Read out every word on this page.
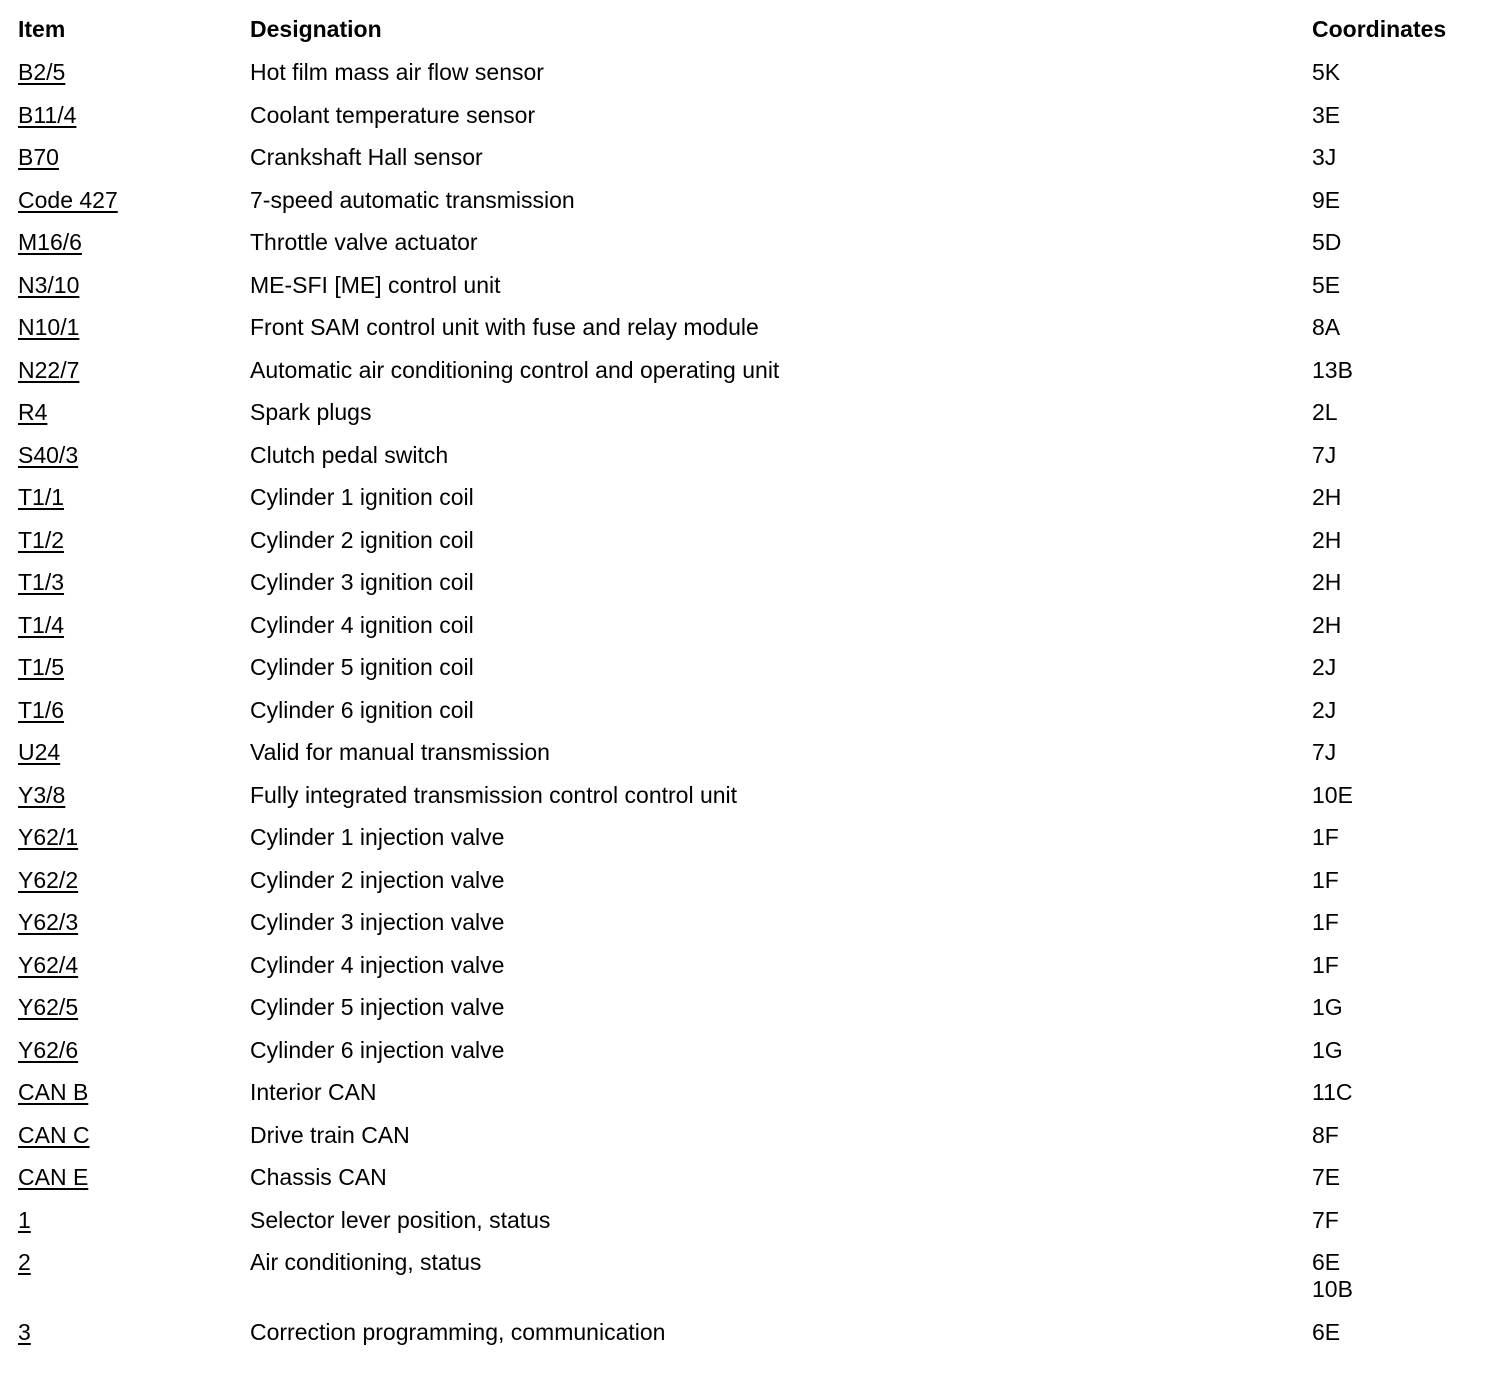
Item	Designation	Coordinates
B2/5	Hot film mass air flow sensor	5K
B11/4	Coolant temperature sensor	3E
B70	Crankshaft Hall sensor	3J
Code 427	7-speed automatic transmission	9E
M16/6	Throttle valve actuator	5D
N3/10	ME-SFI [ME] control unit	5E
N10/1	Front SAM control unit with fuse and relay module	8A
N22/7	Automatic air conditioning control and operating unit	13B
R4	Spark plugs	2L
S40/3	Clutch pedal switch	7J
T1/1	Cylinder 1 ignition coil	2H
T1/2	Cylinder 2 ignition coil	2H
T1/3	Cylinder 3 ignition coil	2H
T1/4	Cylinder 4 ignition coil	2H
T1/5	Cylinder 5 ignition coil	2J
T1/6	Cylinder 6 ignition coil	2J
U24	Valid for manual transmission	7J
Y3/8	Fully integrated transmission control control unit	10E
Y62/1	Cylinder 1 injection valve	1F
Y62/2	Cylinder 2 injection valve	1F
Y62/3	Cylinder 3 injection valve	1F
Y62/4	Cylinder 4 injection valve	1F
Y62/5	Cylinder 5 injection valve	1G
Y62/6	Cylinder 6 injection valve	1G
CAN B	Interior CAN	11C
CAN C	Drive train CAN	8F
CAN E	Chassis CAN	7E
1	Selector lever position, status	7F
2	Air conditioning, status	6E
10B
3	Correction programming, communication	6E
